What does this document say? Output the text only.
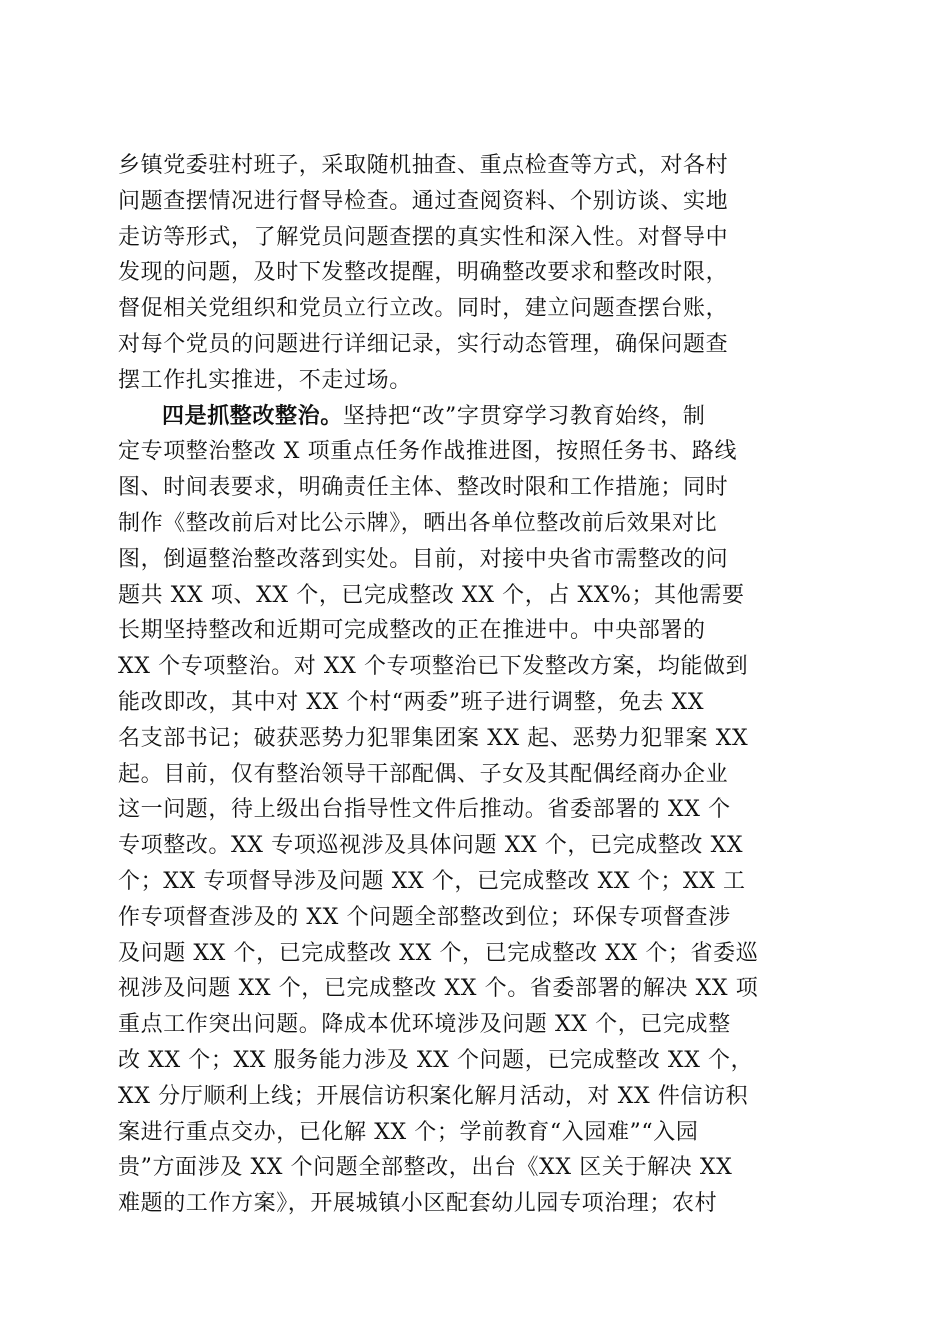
乡镇党委驻村班子，采取随机抽查、重点检查等方式，对各村
问题查摆情况进行督导检查。通过查阅资料、个别访谈、实地
走访等形式，了解党员问题查摆的真实性和深入性。对督导中
发现的问题，及时下发整改提醒，明确整改要求和整改时限，
督促相关党组织和党员立行立改。同时，建立问题查摆台账，
对每个党员的问题进行详细记录，实行动态管理，确保问题查
摆工作扎实推进，不走过场。
四是抓整改整治。坚持把“改”字贯穿学习教育始终，制
定专项整治整改 X 项重点任务作战推进图，按照任务书、路线
图、时间表要求，明确责任主体、整改时限和工作措施；同时
制作《整改前后对比公示牌》，晒出各单位整改前后效果对比
图，倒逼整治整改落到实处。目前，对接中央省市需整改的问
题共 XX 项、XX 个，已完成整改 XX 个，占 XX%；其他需要
长期坚持整改和近期可完成整改的正在推进中。中央部署的
XX 个专项整治。对 XX 个专项整治已下发整改方案，均能做到
能改即改，其中对 XX 个村“两委”班子进行调整，免去 XX
名支部书记；破获恶势力犯罪集团案 XX 起、恶势力犯罪案 XX
起。目前，仅有整治领导干部配偶、子女及其配偶经商办企业
这一问题，待上级出台指导性文件后推动。省委部署的 XX 个
专项整改。XX 专项巡视涉及具体问题 XX 个，已完成整改 XX
个；XX 专项督导涉及问题 XX 个，已完成整改 XX 个；XX 工
作专项督查涉及的 XX 个问题全部整改到位；环保专项督查涉
及问题 XX 个，已完成整改 XX 个，已完成整改 XX 个；省委巡
视涉及问题 XX 个，已完成整改 XX 个。省委部署的解决 XX 项
重点工作突出问题。降成本优环境涉及问题 XX 个，已完成整
改 XX 个；XX 服务能力涉及 XX 个问题，已完成整改 XX 个，
XX 分厅顺利上线；开展信访积案化解月活动，对 XX 件信访积
案进行重点交办，已化解 XX 个；学前教育“入园难”“入园
贵”方面涉及 XX 个问题全部整改，出台《XX 区关于解决 XX
难题的工作方案》，开展城镇小区配套幼儿园专项治理；农村
